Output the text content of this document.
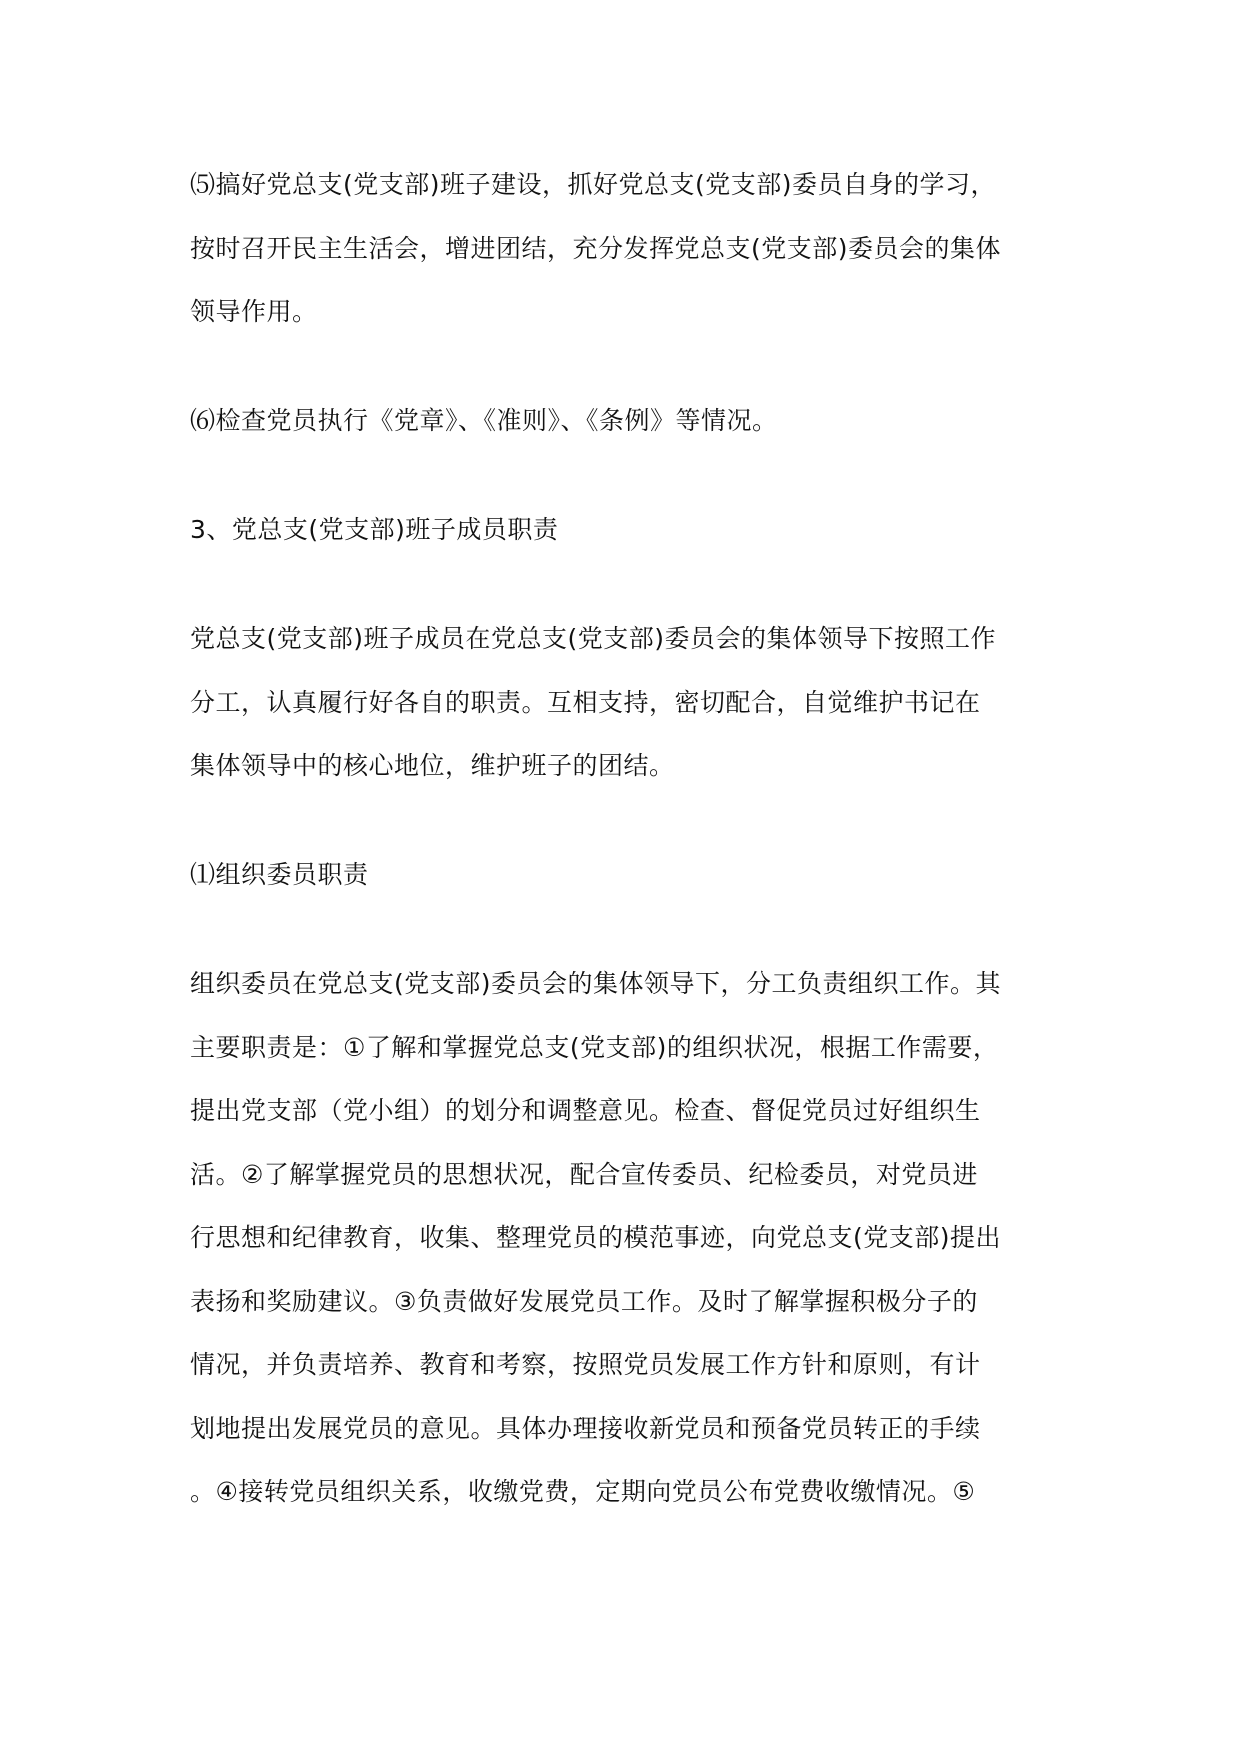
⑸搞好党总支(党支部)班子建设，抓好党总支(党支部)委员自身的学习，
按时召开民主生活会，增进团结，充分发挥党总支(党支部)委员会的集体
领导作用。
⑹检查党员执行《党章》、《准则》、《条例》等情况。
3、党总支(党支部)班子成员职责
党总支(党支部)班子成员在党总支(党支部)委员会的集体领导下按照工作
分工，认真履行好各自的职责。互相支持，密切配合，自觉维护书记在
集体领导中的核心地位，维护班子的团结。
⑴组织委员职责
组织委员在党总支(党支部)委员会的集体领导下，分工负责组织工作。其
主要职责是：①了解和掌握党总支(党支部)的组织状况，根据工作需要，
提出党支部（党小组）的划分和调整意见。检查、督促党员过好组织生
活。②了解掌握党员的思想状况，配合宣传委员、纪检委员，对党员进
行思想和纪律教育，收集、整理党员的模范事迹，向党总支(党支部)提出
表扬和奖励建议。③负责做好发展党员工作。及时了解掌握积极分子的
情况，并负责培养、教育和考察，按照党员发展工作方针和原则，有计
划地提出发展党员的意见。具体办理接收新党员和预备党员转正的手续
。④接转党员组织关系，收缴党费，定期向党员公布党费收缴情况。⑤
